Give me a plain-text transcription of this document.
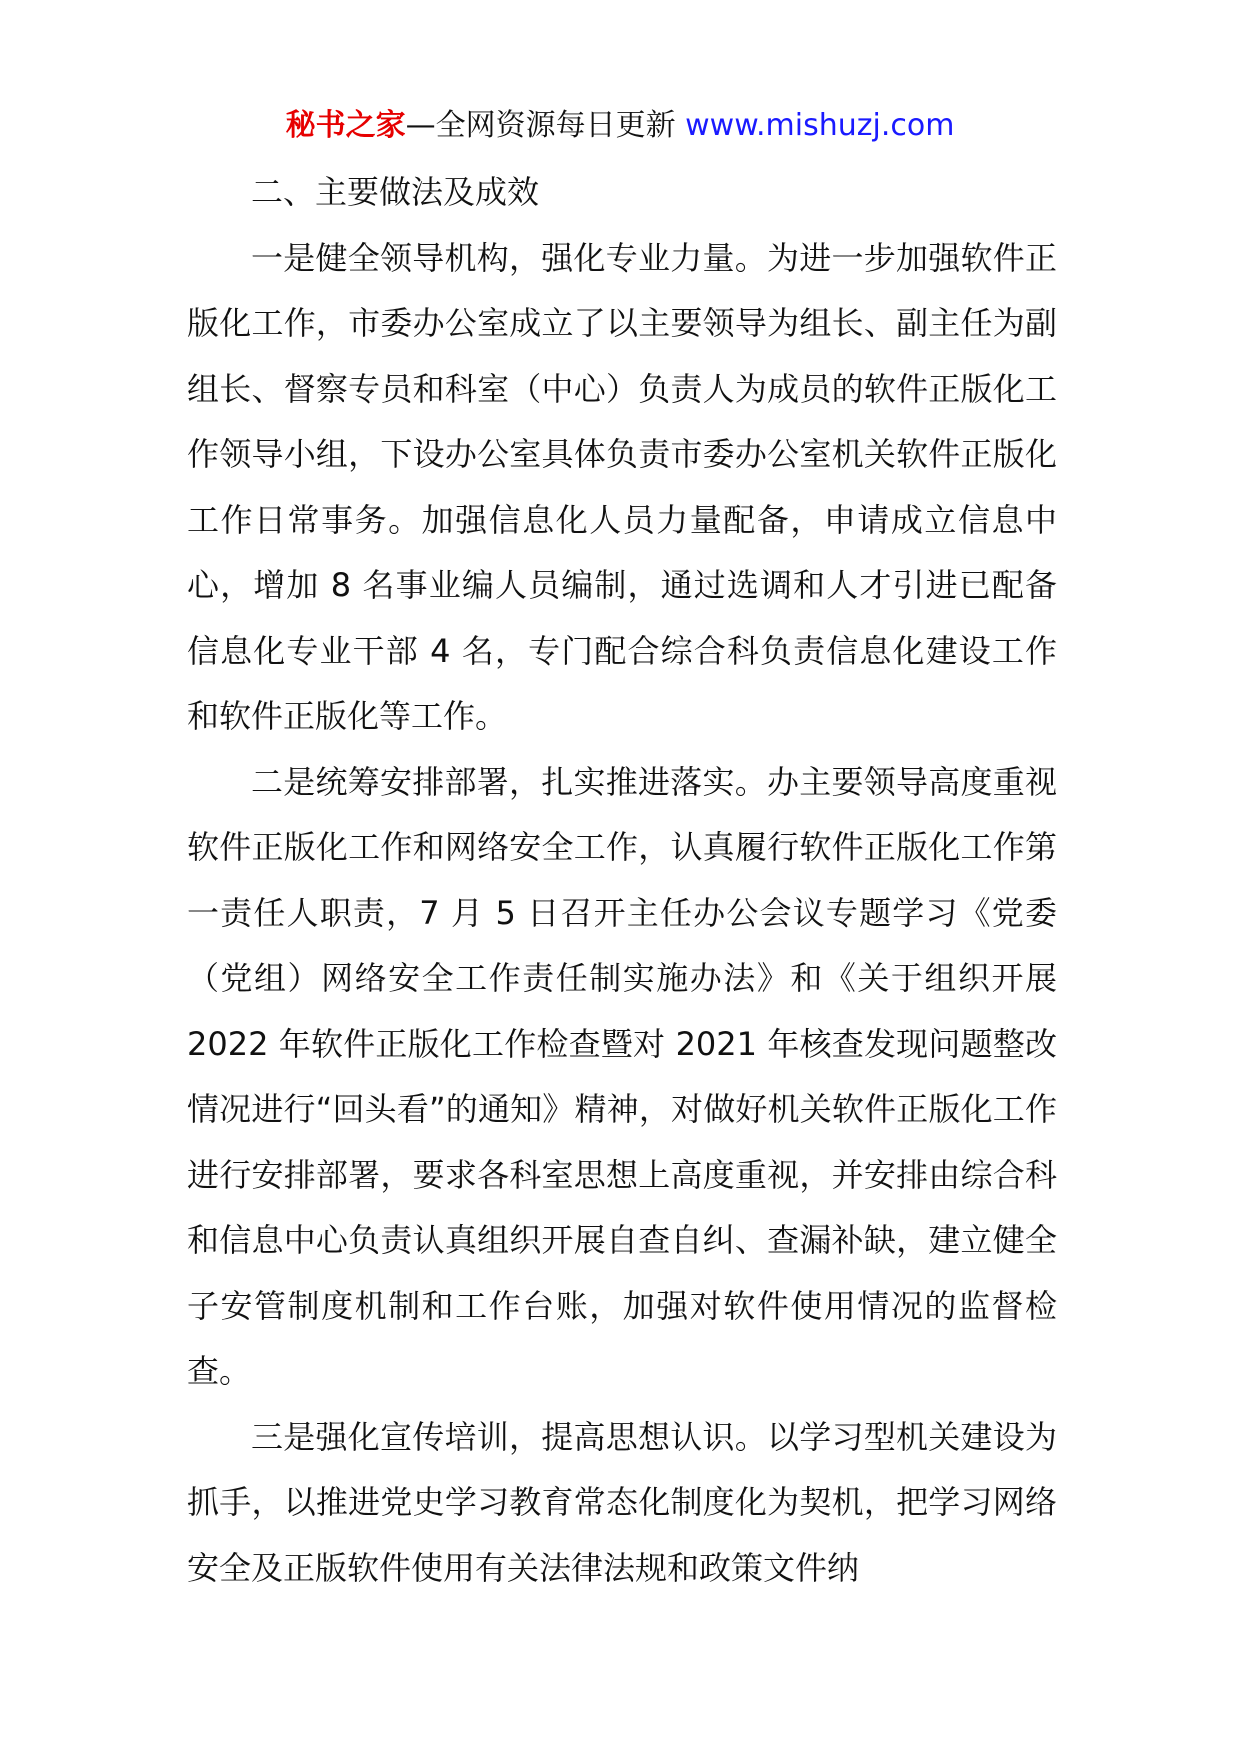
秘书之家—全网资源每日更新 www.mishuzj.com

二、主要做法及成效

一是健全领导机构，强化专业力量。为进一步加强软件正版化工作，市委办公室成立了以主要领导为组长、副主任为副组长、督察专员和科室（中心）负责人为成员的软件正版化工作领导小组，下设办公室具体负责市委办公室机关软件正版化工作日常事务。加强信息化人员力量配备，申请成立信息中心，增加 8 名事业编人员编制，通过选调和人才引进已配备信息化专业干部 4 名，专门配合综合科负责信息化建设工作和软件正版化等工作。

二是统筹安排部署，扎实推进落实。办主要领导高度重视软件正版化工作和网络安全工作，认真履行软件正版化工作第一责任人职责，7 月 5 日召开主任办公会议专题学习《党委（党组）网络安全工作责任制实施办法》和《关于组织开展 2022 年软件正版化工作检查暨对 2021 年核查发现问题整改情况进行“回头看”的通知》精神，对做好机关软件正版化工作进行安排部署，要求各科室思想上高度重视，并安排由综合科和信息中心负责认真组织开展自查自纠、查漏补缺，建立健全子安管制度机制和工作台账，加强对软件使用情况的监督检查。

三是强化宣传培训，提高思想认识。以学习型机关建设为抓手，以推进党史学习教育常态化制度化为契机，把学习网络安全及正版软件使用有关法律法规和政策文件纳
